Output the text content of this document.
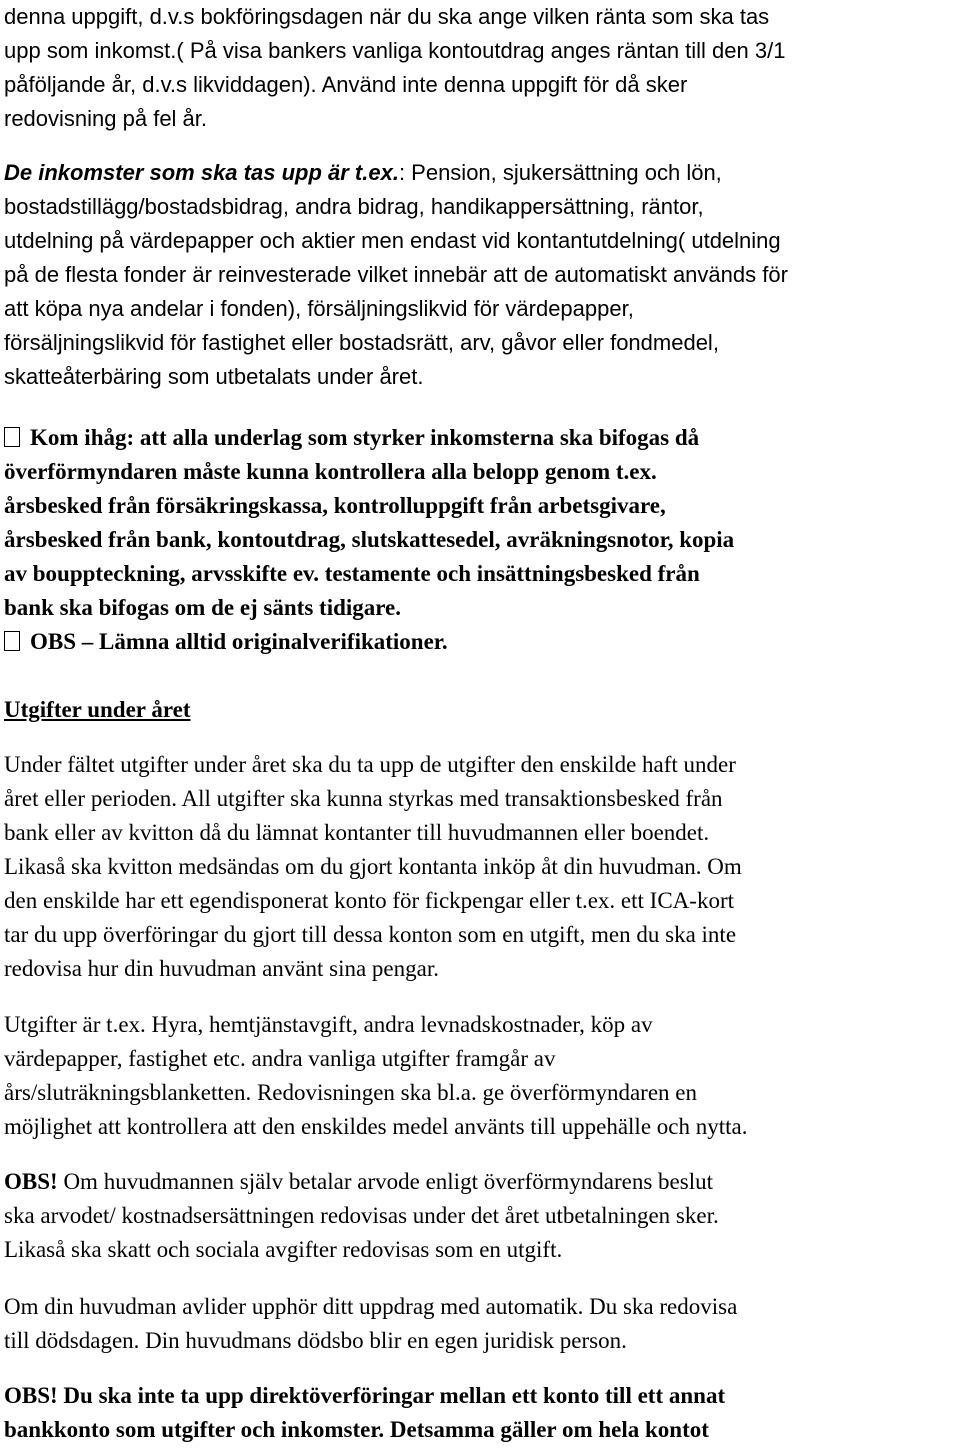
denna uppgift, d.v.s bokföringsdagen när du ska ange vilken ränta som ska tas
upp som inkomst.( På visa bankers vanliga kontoutdrag anges räntan till den 3/1
påföljande år, d.v.s likviddagen). Använd inte denna uppgift för då sker
redovisning på fel år.
De inkomster som ska tas upp är t.ex.: Pension, sjukersättning och lön,
bostadstillägg/bostadsbidrag, andra bidrag, handikappersättning, räntor,
utdelning på värdepapper och aktier men endast vid kontantutdelning( utdelning
på de flesta fonder är reinvesterade vilket innebär att de automatiskt används för
att köpa nya andelar i fonden), försäljningslikvid för värdepapper,
försäljningslikvid för fastighet eller bostadsrätt, arv, gåvor eller fondmedel,
skatteåterbäring som utbetalats under året.
Kom ihåg: att alla underlag som styrker inkomsterna ska bifogas då
överförmyndaren måste kunna kontrollera alla belopp genom t.ex.
årsbesked från försäkringskassa, kontrolluppgift från arbetsgivare,
årsbesked från bank, kontoutdrag, slutskattesedel, avräkningsnotor, kopia
av bouppteckning, arvsskifte ev. testamente och insättningsbesked från
bank ska bifogas om de ej sänts tidigare.
OBS – Lämna alltid originalverifikationer.
Utgifter under året
Under fältet utgifter under året ska du ta upp de utgifter den enskilde haft under
året eller perioden. All utgifter ska kunna styrkas med transaktionsbesked från
bank eller av kvitton då du lämnat kontanter till huvudmannen eller boendet.
Likaså ska kvitton medsändas om du gjort kontanta inköp åt din huvudman. Om
den enskilde har ett egendisponerat konto för fickpengar eller t.ex. ett ICA-kort
tar du upp överföringar du gjort till dessa konton som en utgift, men du ska inte
redovisa hur din huvudman använt sina pengar.
Utgifter är t.ex. Hyra, hemtjänstavgift, andra levnadskostnader, köp av
värdepapper, fastighet etc. andra vanliga utgifter framgår av
års/sluträkningsblanketten. Redovisningen ska bl.a. ge överförmyndaren en
möjlighet att kontrollera att den enskildes medel använts till uppehälle och nytta.
OBS! Om huvudmannen själv betalar arvode enligt överförmyndarens beslut
ska arvodet/ kostnadsersättningen redovisas under det året utbetalningen sker.
Likaså ska skatt och sociala avgifter redovisas som en utgift.
Om din huvudman avlider upphör ditt uppdrag med automatik. Du ska redovisa
till dödsdagen. Din huvudmans dödsbo blir en egen juridisk person.
OBS! Du ska inte ta upp direktöverföringar mellan ett konto till ett annat
bankkonto som utgifter och inkomster. Detsamma gäller om hela kontot
